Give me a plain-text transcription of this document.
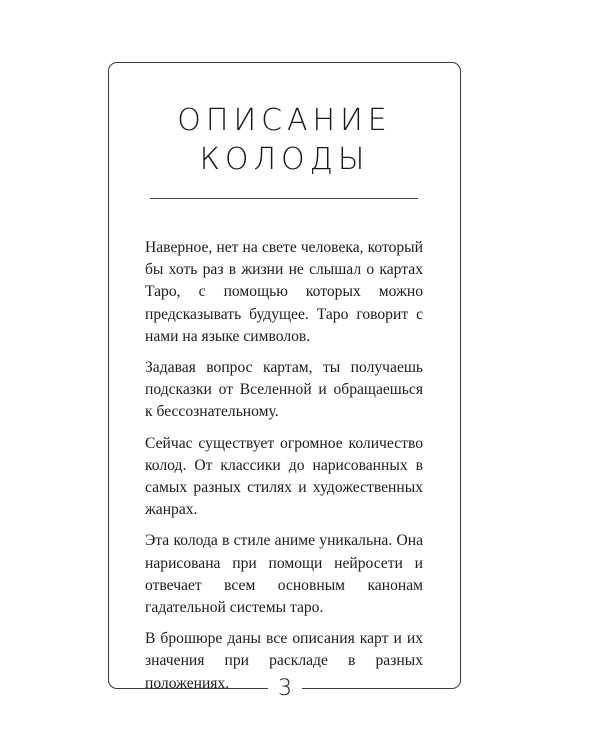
ОПИСАНИЕ
КОЛОДЫ

Наверное, нет на свете человека, который бы хоть раз в жизни не слышал о картах Таро, с помощью которых можно предсказывать будущее. Таро говорит с нами на языке символов.

Задавая вопрос картам, ты получаешь подсказки от Вселенной и обращаешься к бессознательному.

Сейчас существует огромное количество колод. От классики до нарисованных в самых разных стилях и художественных жанрах.

Эта колода в стиле аниме уникальна. Она нарисована при помощи нейросети и отвечает всем основным канонам гадательной системы таро.

В брошюре даны все описания карт и их значения при раскладе в разных положениях.	3
